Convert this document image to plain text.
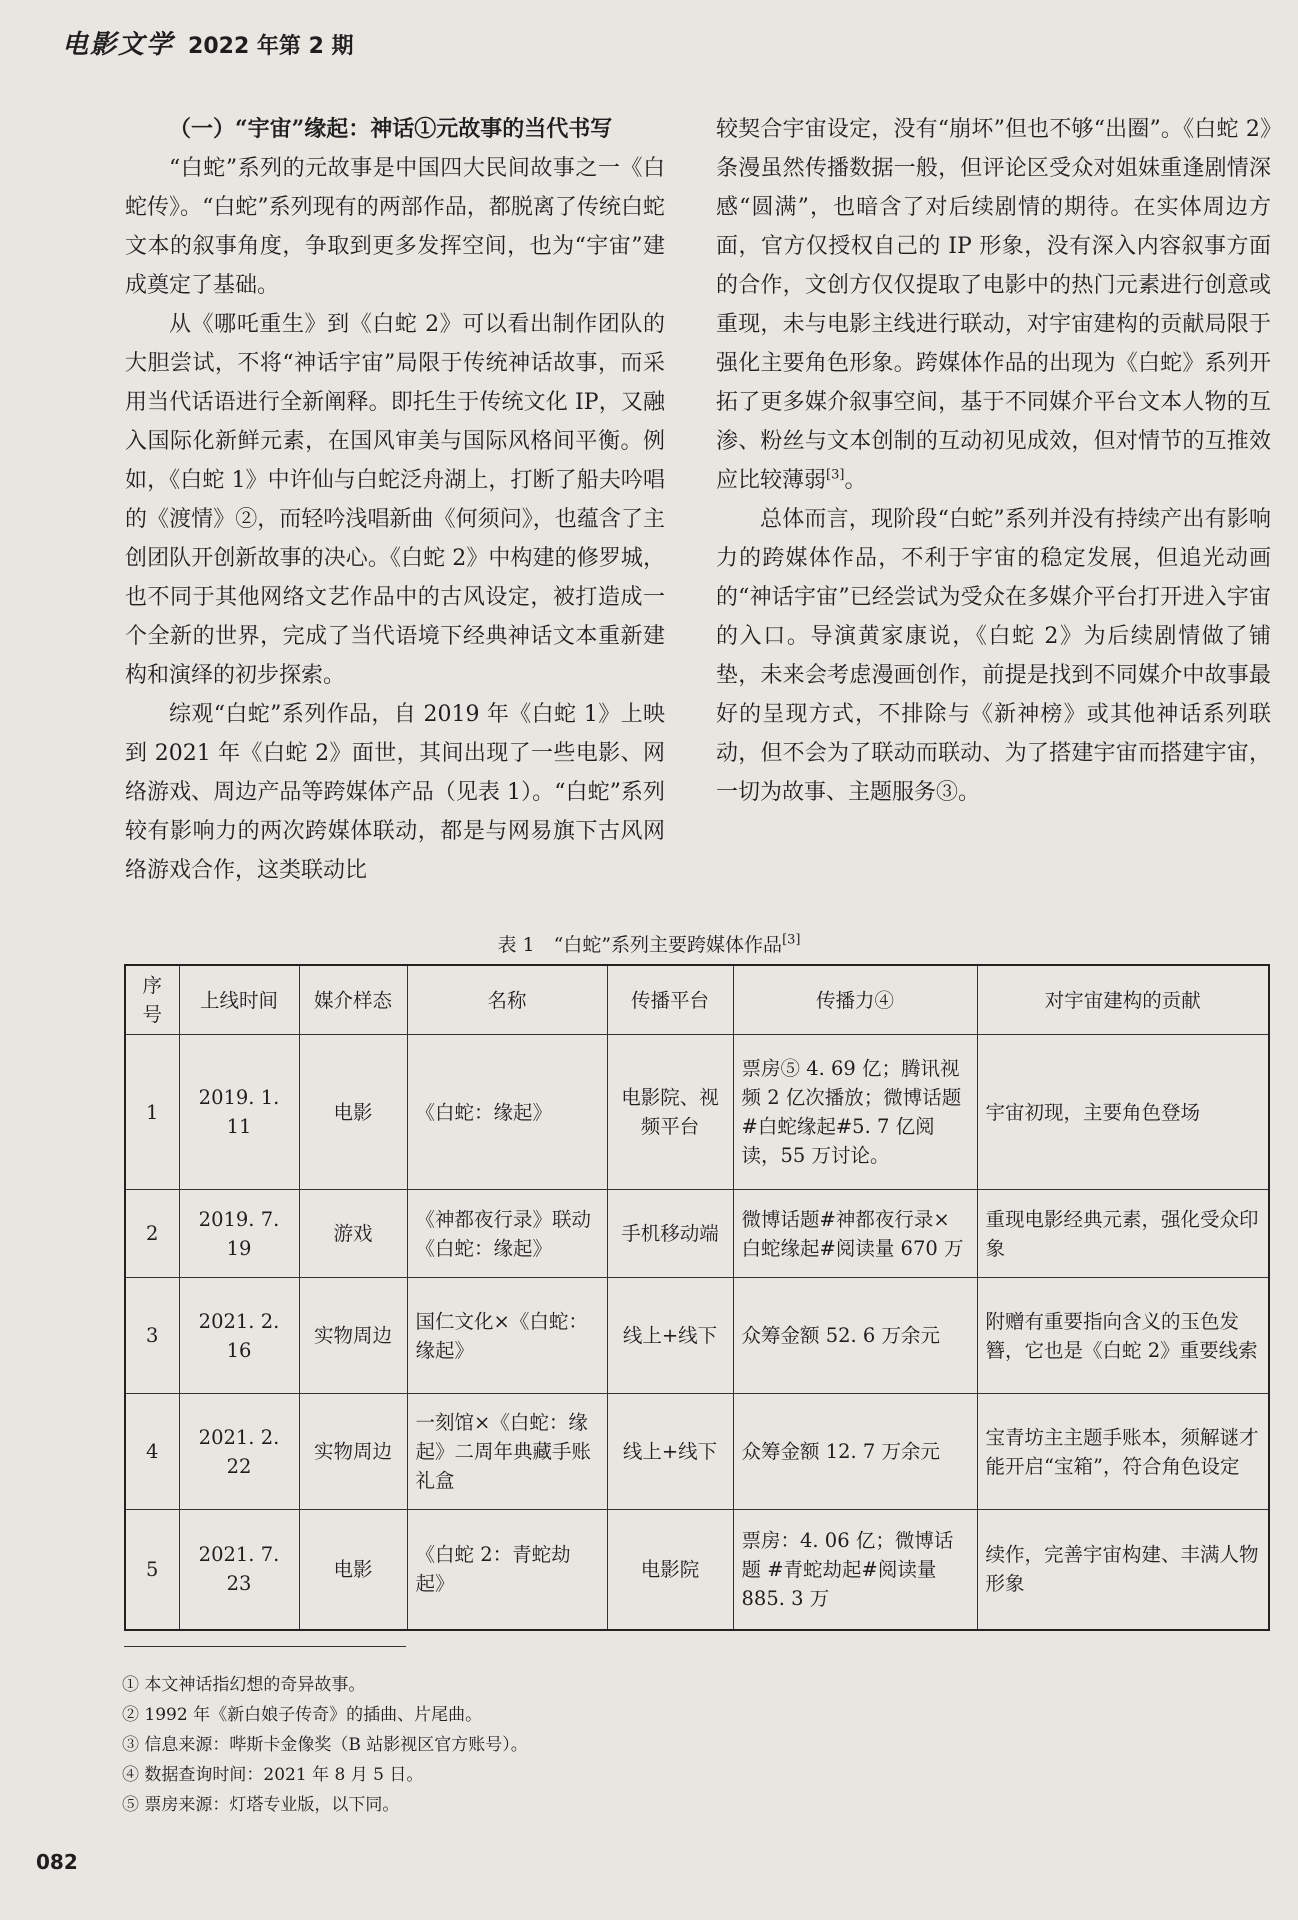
电影文学 2022 年第 2 期

（一）“宇宙”缘起：神话①元故事的当代书写

“白蛇”系列的元故事是中国四大民间故事之一《白蛇传》。“白蛇”系列现有的两部作品，都脱离了传统白蛇文本的叙事角度，争取到更多发挥空间，也为“宇宙”建成奠定了基础。

从《哪吒重生》到《白蛇 2》可以看出制作团队的大胆尝试，不将“神话宇宙”局限于传统神话故事，而采用当代话语进行全新阐释。即托生于传统文化 IP，又融入国际化新鲜元素，在国风审美与国际风格间平衡。例如，《白蛇 1》中许仙与白蛇泛舟湖上，打断了船夫吟唱的《渡情》②，而轻吟浅唱新曲《何须问》，也蕴含了主创团队开创新故事的决心。《白蛇 2》中构建的修罗城，也不同于其他网络文艺作品中的古风设定，被打造成一个全新的世界，完成了当代语境下经典神话文本重新建构和演绎的初步探索。

综观“白蛇”系列作品，自 2019 年《白蛇 1》上映到 2021 年《白蛇 2》面世，其间出现了一些电影、网络游戏、周边产品等跨媒体产品（见表 1）。“白蛇”系列较有影响力的两次跨媒体联动，都是与网易旗下古风网络游戏合作，这类联动比

较契合宇宙设定，没有“崩坏”但也不够“出圈”。《白蛇 2》条漫虽然传播数据一般，但评论区受众对姐妹重逢剧情深感“圆满”，也暗含了对后续剧情的期待。在实体周边方面，官方仅授权自己的 IP 形象，没有深入内容叙事方面的合作，文创方仅仅提取了电影中的热门元素进行创意或重现，未与电影主线进行联动，对宇宙建构的贡献局限于强化主要角色形象。跨媒体作品的出现为《白蛇》系列开拓了更多媒介叙事空间，基于不同媒介平台文本人物的互渗、粉丝与文本创制的互动初见成效，但对情节的互推效应比较薄弱[3]。

总体而言，现阶段“白蛇”系列并没有持续产出有影响力的跨媒体作品，不利于宇宙的稳定发展，但追光动画的“神话宇宙”已经尝试为受众在多媒介平台打开进入宇宙的入口。导演黄家康说，《白蛇 2》为后续剧情做了铺垫，未来会考虑漫画创作，前提是找到不同媒介中故事最好的呈现方式，不排除与《新神榜》或其他神话系列联动，但不会为了联动而联动、为了搭建宇宙而搭建宇宙，一切为故事、主题服务③。

表 1　“白蛇”系列主要跨媒体作品[3]
序号	上线时间	媒介样态	名称	传播平台	传播力④	对宇宙建构的贡献
1	2019. 1. 11	电影	《白蛇：缘起》	电影院、视频平台	票房⑤ 4. 69 亿；腾讯视频 2 亿次播放；微博话题 #白蛇缘起#5. 7 亿阅读，55 万讨论。	宇宙初现，主要角色登场
2	2019. 7. 19	游戏	《神都夜行录》联动《白蛇：缘起》	手机移动端	微博话题#神都夜行录×白蛇缘起#阅读量 670 万	重现电影经典元素，强化受众印象
3	2021. 2. 16	实物周边	国仁文化×《白蛇：缘起》	线上+线下	众筹金额 52. 6 万余元	附赠有重要指向含义的玉色发簪，它也是《白蛇 2》重要线索
4	2021. 2. 22	实物周边	一刻馆×《白蛇：缘起》二周年典藏手账礼盒	线上+线下	众筹金额 12. 7 万余元	宝青坊主主题手账本，须解谜才能开启“宝箱”，符合角色设定
5	2021. 7. 23	电影	《白蛇 2：青蛇劫起》	电影院	票房：4. 06 亿；微博话题 #青蛇劫起#阅读量 885. 3 万	续作，完善宇宙构建、丰满人物形象
① 本文神话指幻想的奇异故事。
② 1992 年《新白娘子传奇》的插曲、片尾曲。
③ 信息来源：哔斯卡金像奖（B 站影视区官方账号）。
④ 数据查询时间：2021 年 8 月 5 日。
⑤ 票房来源：灯塔专业版，以下同。
082
